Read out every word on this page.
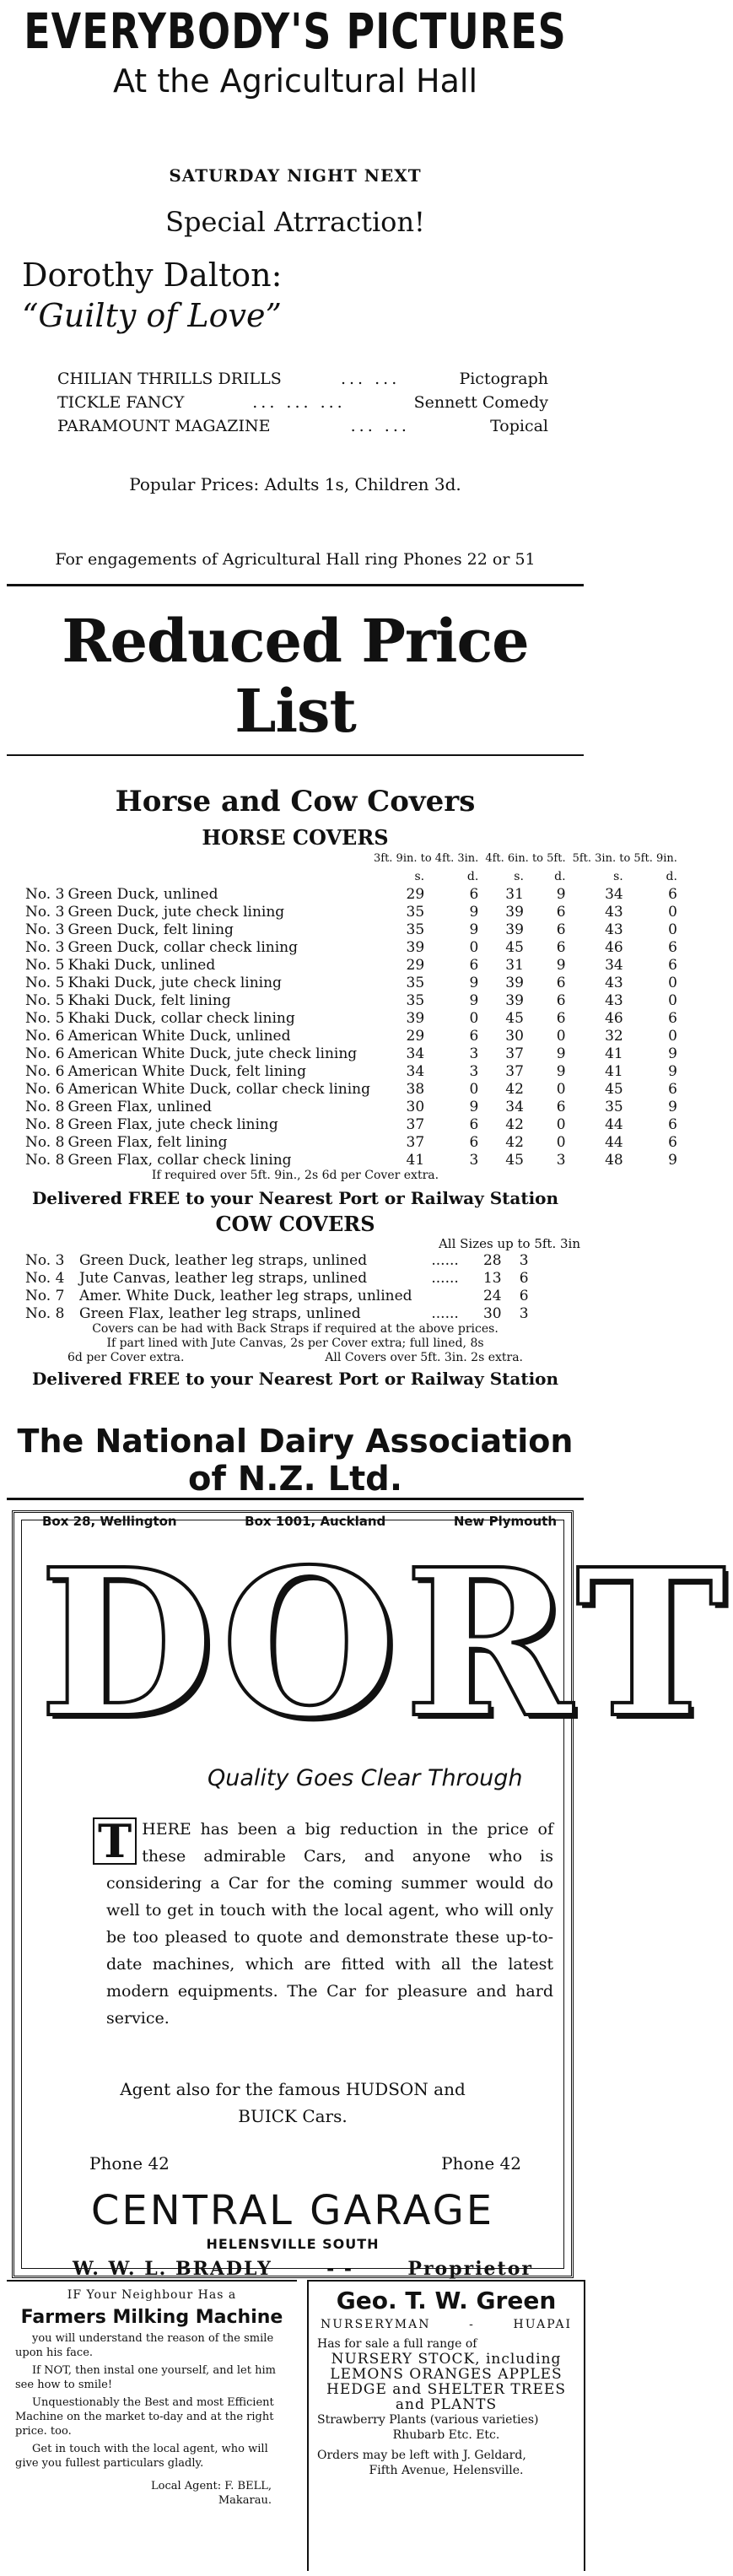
EVERYBODY'S PICTURES
At the Agricultural Hall
SATURDAY NIGHT NEXT
Special Atrraction!
Dorothy Dalton:
“Guilty of Love”
CHILIAN THRILLS DRILLS	... ...	Pictograph
TICKLE FANCY	... ... ...	Sennett Comedy
PARAMOUNT MAGAZINE	... ...	Topical
Popular Prices: Adults 1s, Children 3d.
For engagements of Agricultural Hall ring Phones 22 or 51
Reduced Price List
Horse and Cow Covers
HORSE COVERS
		3ft. 9in. to 4ft. 3in.			4ft. 6in. to 5ft.			5ft. 3in. to 5ft. 9in.	
		s.	d.		s.	d.		s.	d.
No. 3	Green Duck, unlined	29	6		31	9		34	6
No. 3	Green Duck, jute check lining	35	9		39	6		43	0
No. 3	Green Duck, felt lining	35	9		39	6		43	0
No. 3	Green Duck, collar check lining	39	0		45	6		46	6
No. 5	Khaki Duck, unlined	29	6		31	9		34	6
No. 5	Khaki Duck, jute check lining	35	9		39	6		43	0
No. 5	Khaki Duck, felt lining	35	9		39	6		43	0
No. 5	Khaki Duck, collar check lining	39	0		45	6		46	6
No. 6	American White Duck, unlined	29	6		30	0		32	0
No. 6	American White Duck, jute check lining	34	3		37	9		41	9
No. 6	American White Duck, felt lining	34	3		37	9		41	9
No. 6	American White Duck, collar check lining	38	0		42	0		45	6
No. 8	Green Flax, unlined	30	9		34	6		35	9
No. 8	Green Flax, jute check lining	37	6		42	0		44	6
No. 8	Green Flax, felt lining	37	6		42	0		44	6
No. 8	Green Flax, collar check lining	41	3		45	3		48	9
If required over 5ft. 9in., 2s 6d per Cover extra.
Delivered FREE to your Nearest Port or Railway Station
COW COVERS
All Sizes up to 5ft. 3in
No. 3	Green Duck, leather leg straps, unlined	......	28	3
No. 4	Jute Canvas, leather leg straps, unlined	......	13	6
No. 7	Amer. White Duck, leather leg straps, unlined		24	6
No. 8	Green Flax, leather leg straps, unlined	......	30	3
Covers can be had with Back Straps if required at the above prices.
If part lined with Jute Canvas, 2s per Cover extra; full lined, 8s
6d per Cover extra.	All Covers over 5ft. 3in. 2s extra.
Delivered FREE to your Nearest Port or Railway Station
The National Dairy Association
of N.Z. Ltd.
Box 28, Wellington	Box 1001, Auckland	New Plymouth
DORT
Quality Goes Clear Through
T HERE has been a big reduction in the price of these admirable Cars, and anyone who is considering a Car for the coming summer would do well to get in touch with the local agent, who will only be too pleased to quote and demonstrate these up-to-date machines, which are fitted with all the latest modern equipments. The Car for pleasure and hard service.
Agent also for the famous HUDSON and
BUICK Cars.
Phone 42	Phone 42
CENTRAL GARAGE
HELENSVILLE SOUTH
W. W. L. BRADLY	- -	Proprietor
IF Your Neighbour Has a
Farmers Milking Machine

you will understand the reason of the smile upon his face.

If NOT, then instal one yourself, and let him see how to smile!

Unquestionably the Best and most Efficient Machine on the market to-day and at the right price. too.

Get in touch with the local agent, who will give you fullest particulars gladly.

Local Agent: F. BELL,
Makarau.
Geo. T. W. Green
NURSERYMAN	-	HUAPAI
Has for sale a full range of
NURSERY STOCK, including
LEMONS ORANGES APPLES
HEDGE and SHELTER TREES
and PLANTS
Strawberry Plants (various varieties)
Rhubarb Etc. Etc.
Orders may be left with J. Geldard,
Fifth Avenue, Helensville.
